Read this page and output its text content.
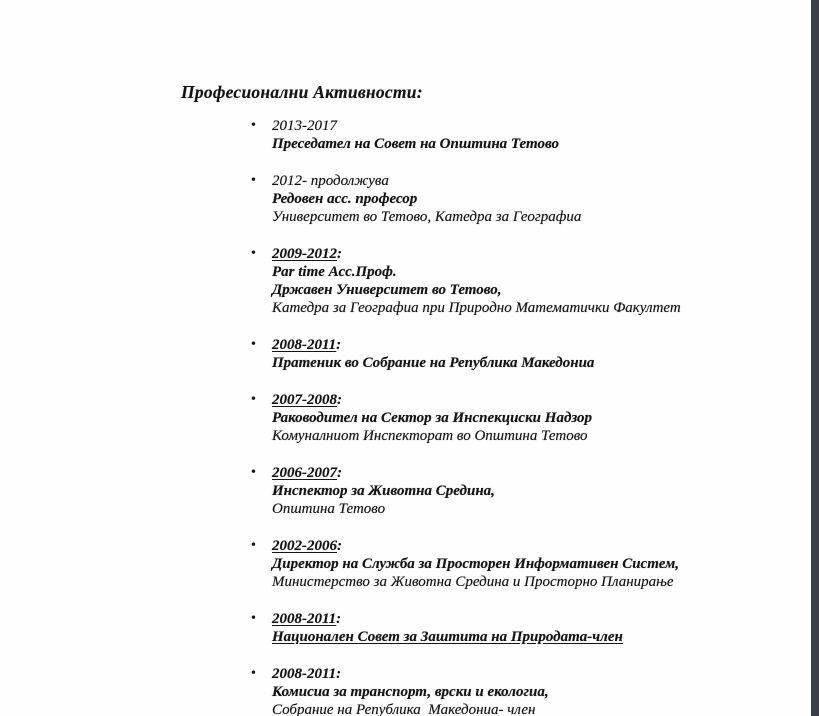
Професионални Активности:
•	2013-2017
Преседател на Совет на Општина Тетово
•	2012- продолжува
Редовен асс. професор
Университет во Тетово, Катедра за Географиа
•	2009-2012:
Par time Асс.Проф.
Државен Университет во Тетово,
Катедра за Географиа при Природно Математички Факултет
•	2008-2011:
Пратеник во Собрание на Република Македониа
•	2007-2008:
Раководител на Сектор за Инспекциски Надзор
Комуналниот Инспекторат во Општина Тетово
•	2006-2007:
Инспектор за Животна Средина,
Општина Тетово
•	2002-2006:
Директор на Служба за Просторен Информативен Систем,
Министерство за Животна Средина и Просторно Планирање
•	2008-2011:
Национален Совет за Заштита на Природата-член
•	2008-2011:
Комисиа за транспорт, врски и екологиа,
Собрание на Република  Македониа- член
